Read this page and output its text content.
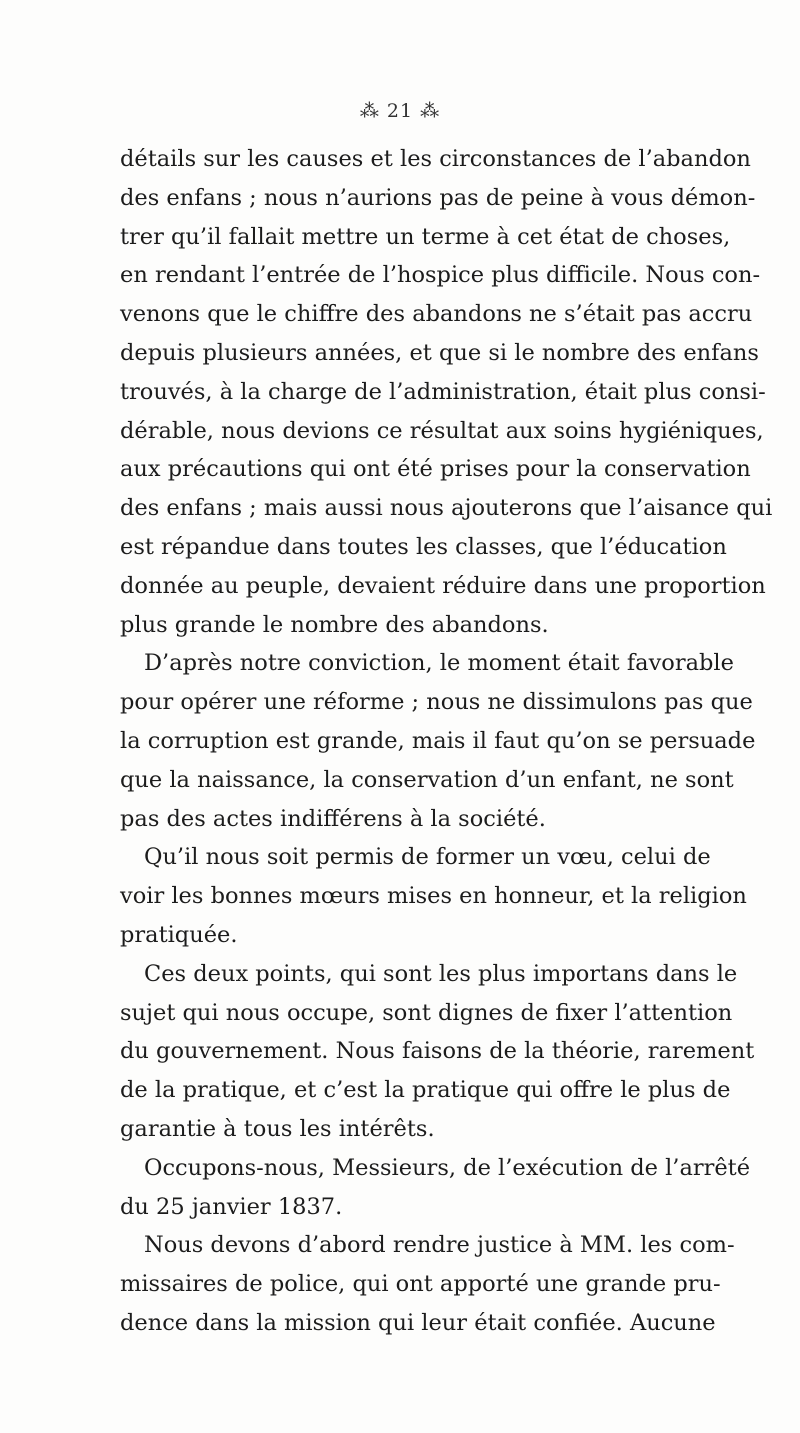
⁂ 21 ⁂
détails sur les causes et les circonstances de l’abandon
des enfans ; nous n’aurions pas de peine à vous démon-
trer qu’il fallait mettre un terme à cet état de choses,
en rendant l’entrée de l’hospice plus difficile. Nous con-
venons que le chiffre des abandons ne s’était pas accru
depuis plusieurs années, et que si le nombre des enfans
trouvés, à la charge de l’administration, était plus consi-
dérable, nous devions ce résultat aux soins hygiéniques,
aux précautions qui ont été prises pour la conservation
des enfans ; mais aussi nous ajouterons que l’aisance qui
est répandue dans toutes les classes, que l’éducation
donnée au peuple, devaient réduire dans une proportion
plus grande le nombre des abandons.
D’après notre conviction, le moment était favorable
pour opérer une réforme ; nous ne dissimulons pas que
la corruption est grande, mais il faut qu’on se persuade
que la naissance, la conservation d’un enfant, ne sont
pas des actes indifférens à la société.
Qu’il nous soit permis de former un vœu, celui de
voir les bonnes mœurs mises en honneur, et la religion
pratiquée.
Ces deux points, qui sont les plus importans dans le
sujet qui nous occupe, sont dignes de fixer l’attention
du gouvernement. Nous faisons de la théorie, rarement
de la pratique, et c’est la pratique qui offre le plus de
garantie à tous les intérêts.
Occupons-nous, Messieurs, de l’exécution de l’arrêté
du 25 janvier 1837.
Nous devons d’abord rendre justice à MM. les com-
missaires de police, qui ont apporté une grande pru-
dence dans la mission qui leur était confiée. Aucune
